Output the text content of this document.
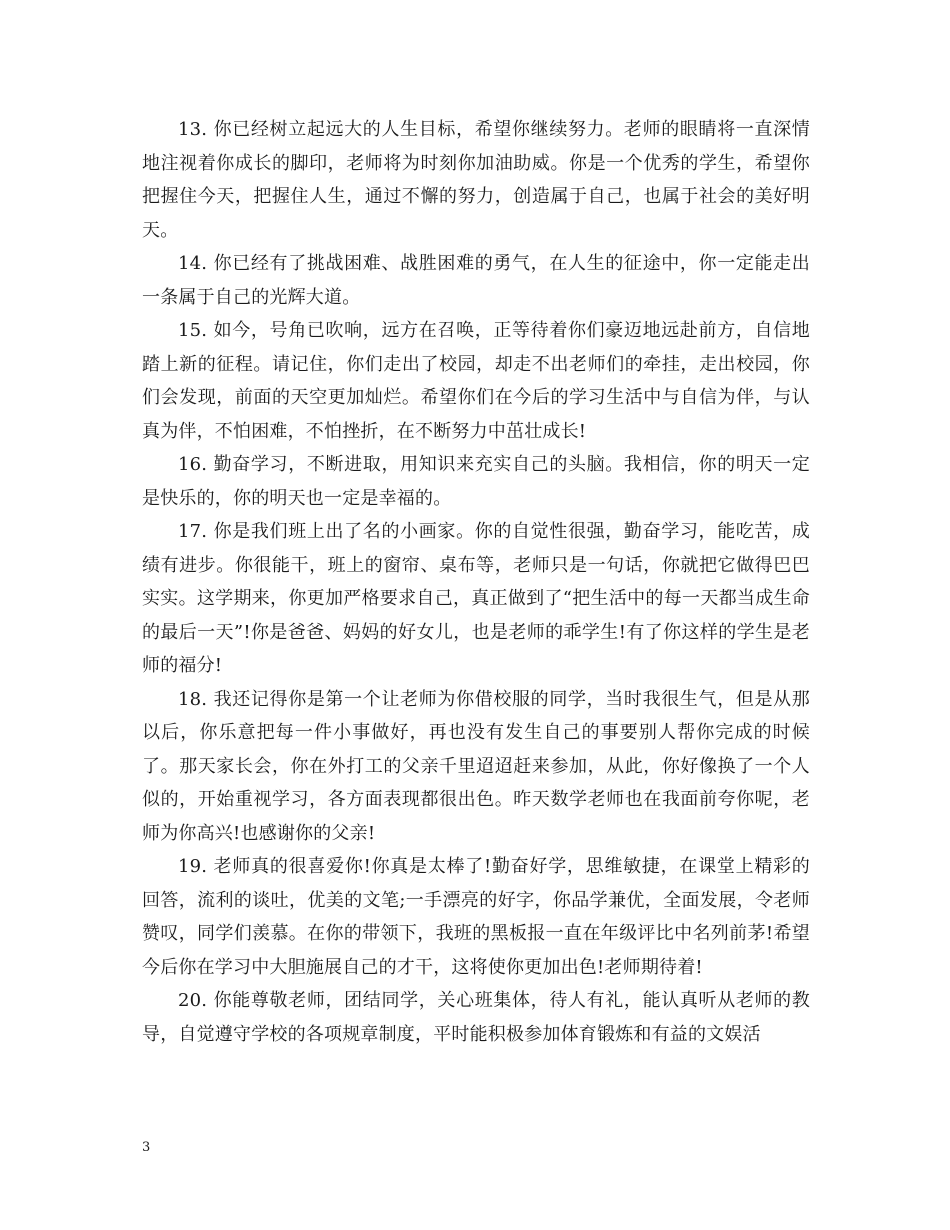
13. 你已经树立起远大的人生目标，希望你继续努力。老师的眼睛将一直深情地注视着你成长的脚印，老师将为时刻你加油助威。你是一个优秀的学生，希望你把握住今天，把握住人生，通过不懈的努力，创造属于自己，也属于社会的美好明天。

14. 你已经有了挑战困难、战胜困难的勇气，在人生的征途中，你一定能走出一条属于自己的光辉大道。

15. 如今，号角已吹响，远方在召唤，正等待着你们豪迈地远赴前方，自信地踏上新的征程。请记住，你们走出了校园，却走不出老师们的牵挂，走出校园，你们会发现，前面的天空更加灿烂。希望你们在今后的学习生活中与自信为伴，与认真为伴，不怕困难，不怕挫折，在不断努力中茁壮成长!

16. 勤奋学习，不断进取，用知识来充实自己的头脑。我相信，你的明天一定是快乐的，你的明天也一定是幸福的。

17. 你是我们班上出了名的小画家。你的自觉性很强，勤奋学习，能吃苦，成绩有进步。你很能干，班上的窗帘、桌布等，老师只是一句话，你就把它做得巴巴实实。这学期来，你更加严格要求自己，真正做到了“把生活中的每一天都当成生命的最后一天”!你是爸爸、妈妈的好女儿，也是老师的乖学生!有了你这样的学生是老师的福分!

18. 我还记得你是第一个让老师为你借校服的同学，当时我很生气，但是从那以后，你乐意把每一件小事做好，再也没有发生自己的事要别人帮你完成的时候了。那天家长会，你在外打工的父亲千里迢迢赶来参加，从此，你好像换了一个人似的，开始重视学习，各方面表现都很出色。昨天数学老师也在我面前夸你呢，老师为你高兴!也感谢你的父亲!

19. 老师真的很喜爱你!你真是太棒了!勤奋好学，思维敏捷，在课堂上精彩的回答，流利的谈吐，优美的文笔;一手漂亮的好字，你品学兼优，全面发展，令老师赞叹，同学们羡慕。在你的带领下，我班的黑板报一直在年级评比中名列前茅!希望今后你在学习中大胆施展自己的才干，这将使你更加出色!老师期待着!

20. 你能尊敬老师，团结同学，关心班集体，待人有礼，能认真听从老师的教导，自觉遵守学校的各项规章制度，平时能积极参加体育锻炼和有益的文娱活

3
